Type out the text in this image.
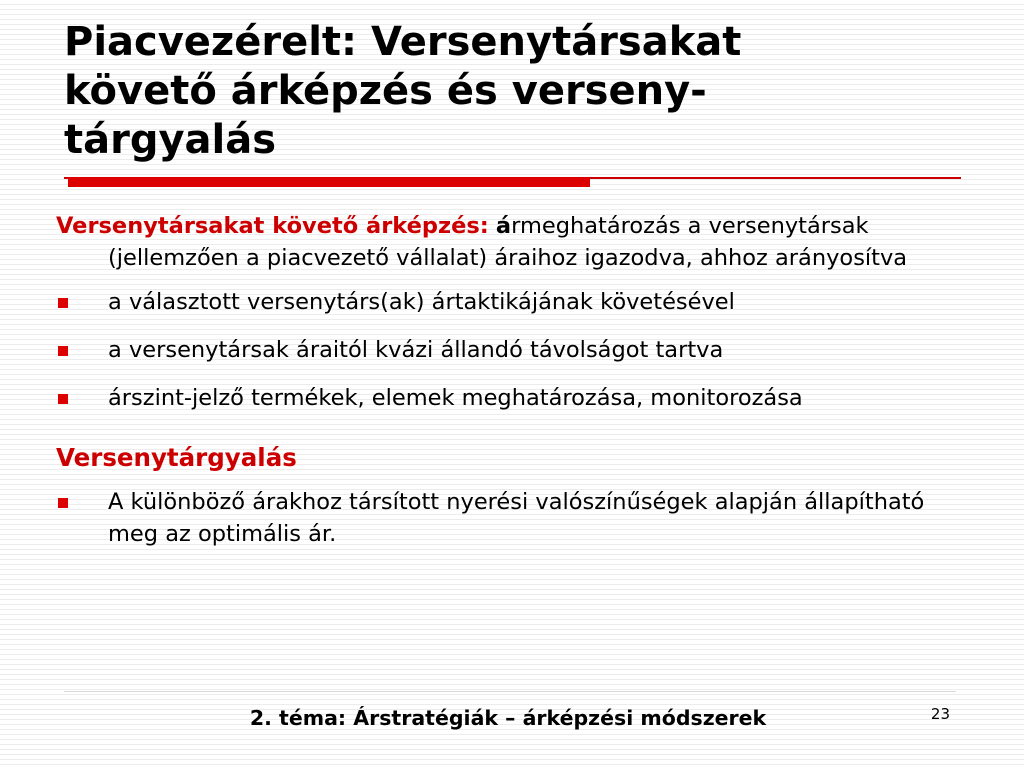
Piacvezérelt: Versenytársakat
követő árképzés és verseny-
tárgyalás

Versenytársakat követő árképzés: ármeghatározás a versenytársak (jellemzően a piacvezető vállalat) áraihoz igazodva, ahhoz arányosítva

a választott versenytárs(ak) ártaktikájának követésével
a versenytársak áraitól kvázi állandó távolságot tartva
árszint-jelző termékek, elemek meghatározása, monitorozása

Versenytárgyalás

A különböző árakhoz társított nyerési valószínűségek alapján állapítható meg az optimális ár.
2. téma: Árstratégiák – árképzési módszerek	23
